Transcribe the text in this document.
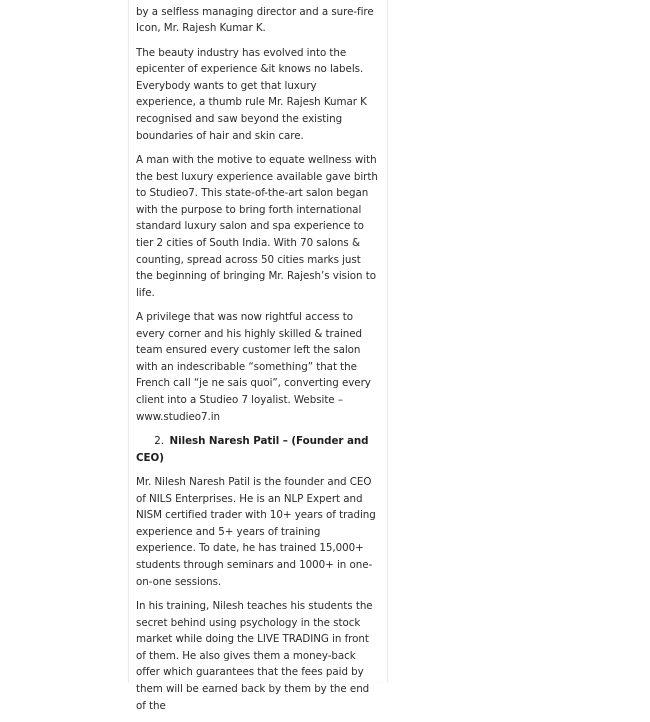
by a selfless managing director and a sure-fire Icon, Mr. Rajesh Kumar K.

The beauty industry has evolved into the epicenter of experience &it knows no labels. Everybody wants to get that luxury experience, a thumb rule Mr. Rajesh Kumar K recognised and saw beyond the existing boundaries of hair and skin care.

A man with the motive to equate wellness with the best luxury experience available gave birth to Studieo7. This state-of-the-art salon began with the purpose to bring forth international standard luxury salon and spa experience to tier 2 cities of South India. With 70 salons & counting, spread across 50 cities marks just the beginning of bringing Mr. Rajesh’s vision to life.

A privilege that was now rightful access to every corner and his highly skilled & trained team ensured every customer left the salon with an indescribable “something” that the French call “je ne sais quoi”, converting every client into a Studieo 7 loyalist. Website – www.studieo7.in

2. Nilesh Naresh Patil – (Founder and CEO)

Mr. Nilesh Naresh Patil is the founder and CEO of NILS Enterprises. He is an NLP Expert and NISM certified trader with 10+ years of trading experience and 5+ years of training experience. To date, he has trained 15,000+ students through seminars and 1000+ in one-on-one sessions.

In his training, Nilesh teaches his students the secret behind using psychology in the stock market while doing the LIVE TRADING in front of them. He also gives them a money-back offer which guarantees that the fees paid by them will be earned back by them by the end of the
